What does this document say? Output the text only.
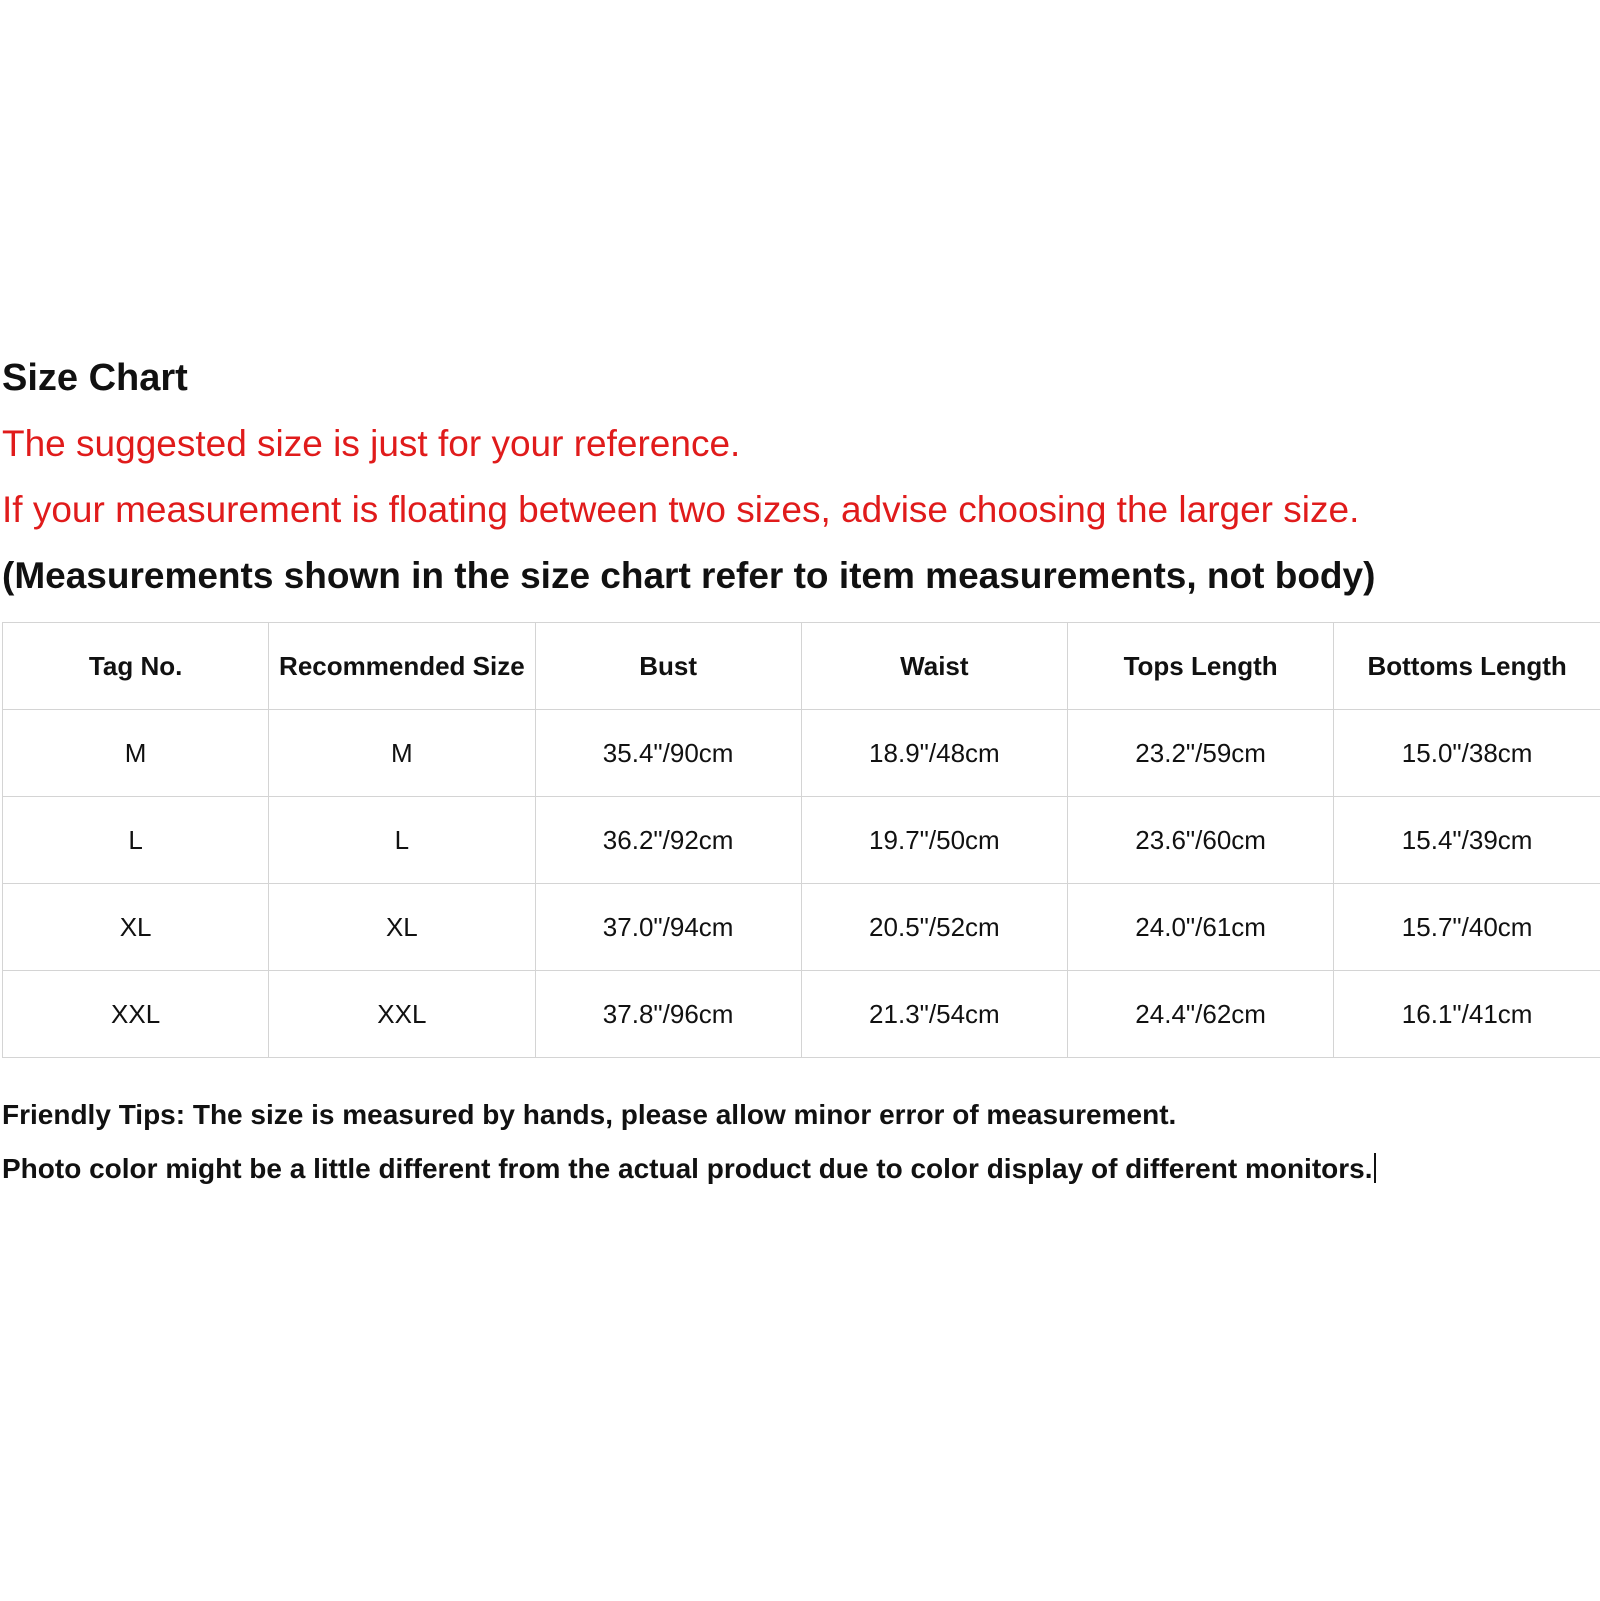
Size Chart
The suggested size is just for your reference.
If your measurement is floating between two sizes, advise choosing the larger size.
(Measurements shown in the size chart refer to item measurements, not body)
Tag No.	Recommended Size	Bust	Waist	Tops Length	Bottoms Length
M	M	35.4"/90cm	18.9"/48cm	23.2"/59cm	15.0"/38cm
L	L	36.2"/92cm	19.7"/50cm	23.6"/60cm	15.4"/39cm
XL	XL	37.0"/94cm	20.5"/52cm	24.0"/61cm	15.7"/40cm
XXL	XXL	37.8"/96cm	21.3"/54cm	24.4"/62cm	16.1"/41cm
Friendly Tips: The size is measured by hands, please allow minor error of measurement.
Photo color might be a little different from the actual product due to color display of different monitors.
